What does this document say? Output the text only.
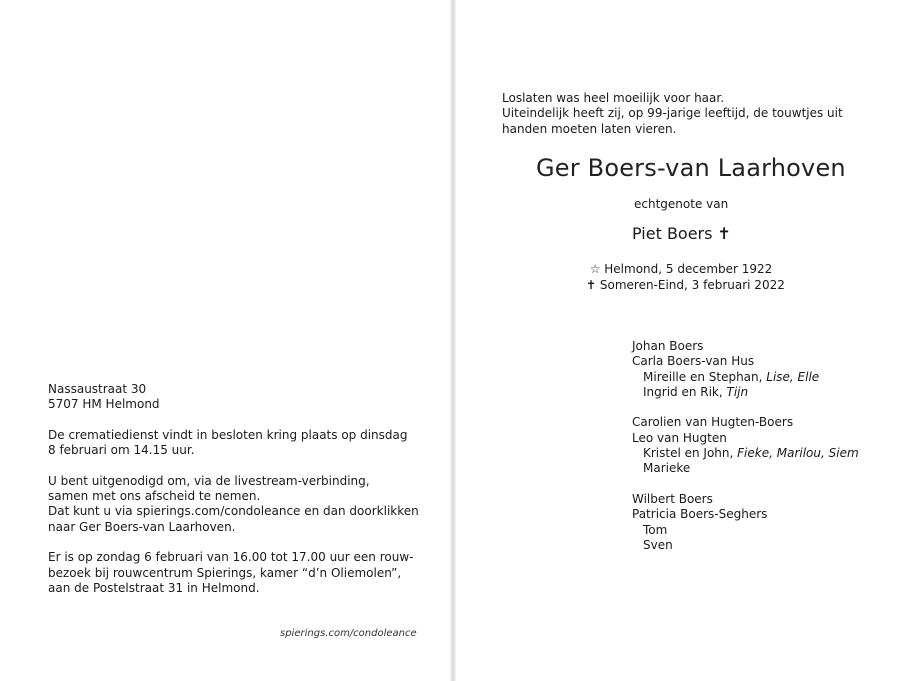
Nassaustraat 30
5707 HM Helmond
De crematiedienst vindt in besloten kring plaats op dinsdag
8 februari om 14.15 uur.
U bent uitgenodigd om, via de livestream-verbinding,
samen met ons afscheid te nemen.
Dat kunt u via spierings.com/condoleance en dan doorklikken
naar Ger Boers-van Laarhoven.
Er is op zondag 6 februari van 16.00 tot 17.00 uur een rouw-
bezoek bij rouwcentrum Spierings, kamer “d’n Oliemolen”,
aan de Postelstraat 31 in Helmond.
spierings.com/condoleance
Loslaten was heel moeilijk voor haar.
Uiteindelijk heeft zij, op 99-jarige leeftijd, de touwtjes uit
handen moeten laten vieren.
Ger Boers-van Laarhoven
echtgenote van
Piet Boers ✝
☆ Helmond, 5 december 1922
✝ Someren-Eind, 3 februari 2022
Johan Boers
Carla Boers-van Hus
Mireille en Stephan, Lise, Elle
Ingrid en Rik, Tijn
Carolien van Hugten-Boers
Leo van Hugten
Kristel en John, Fieke, Marilou, Siem
Marieke
Wilbert Boers
Patricia Boers-Seghers
Tom
Sven
